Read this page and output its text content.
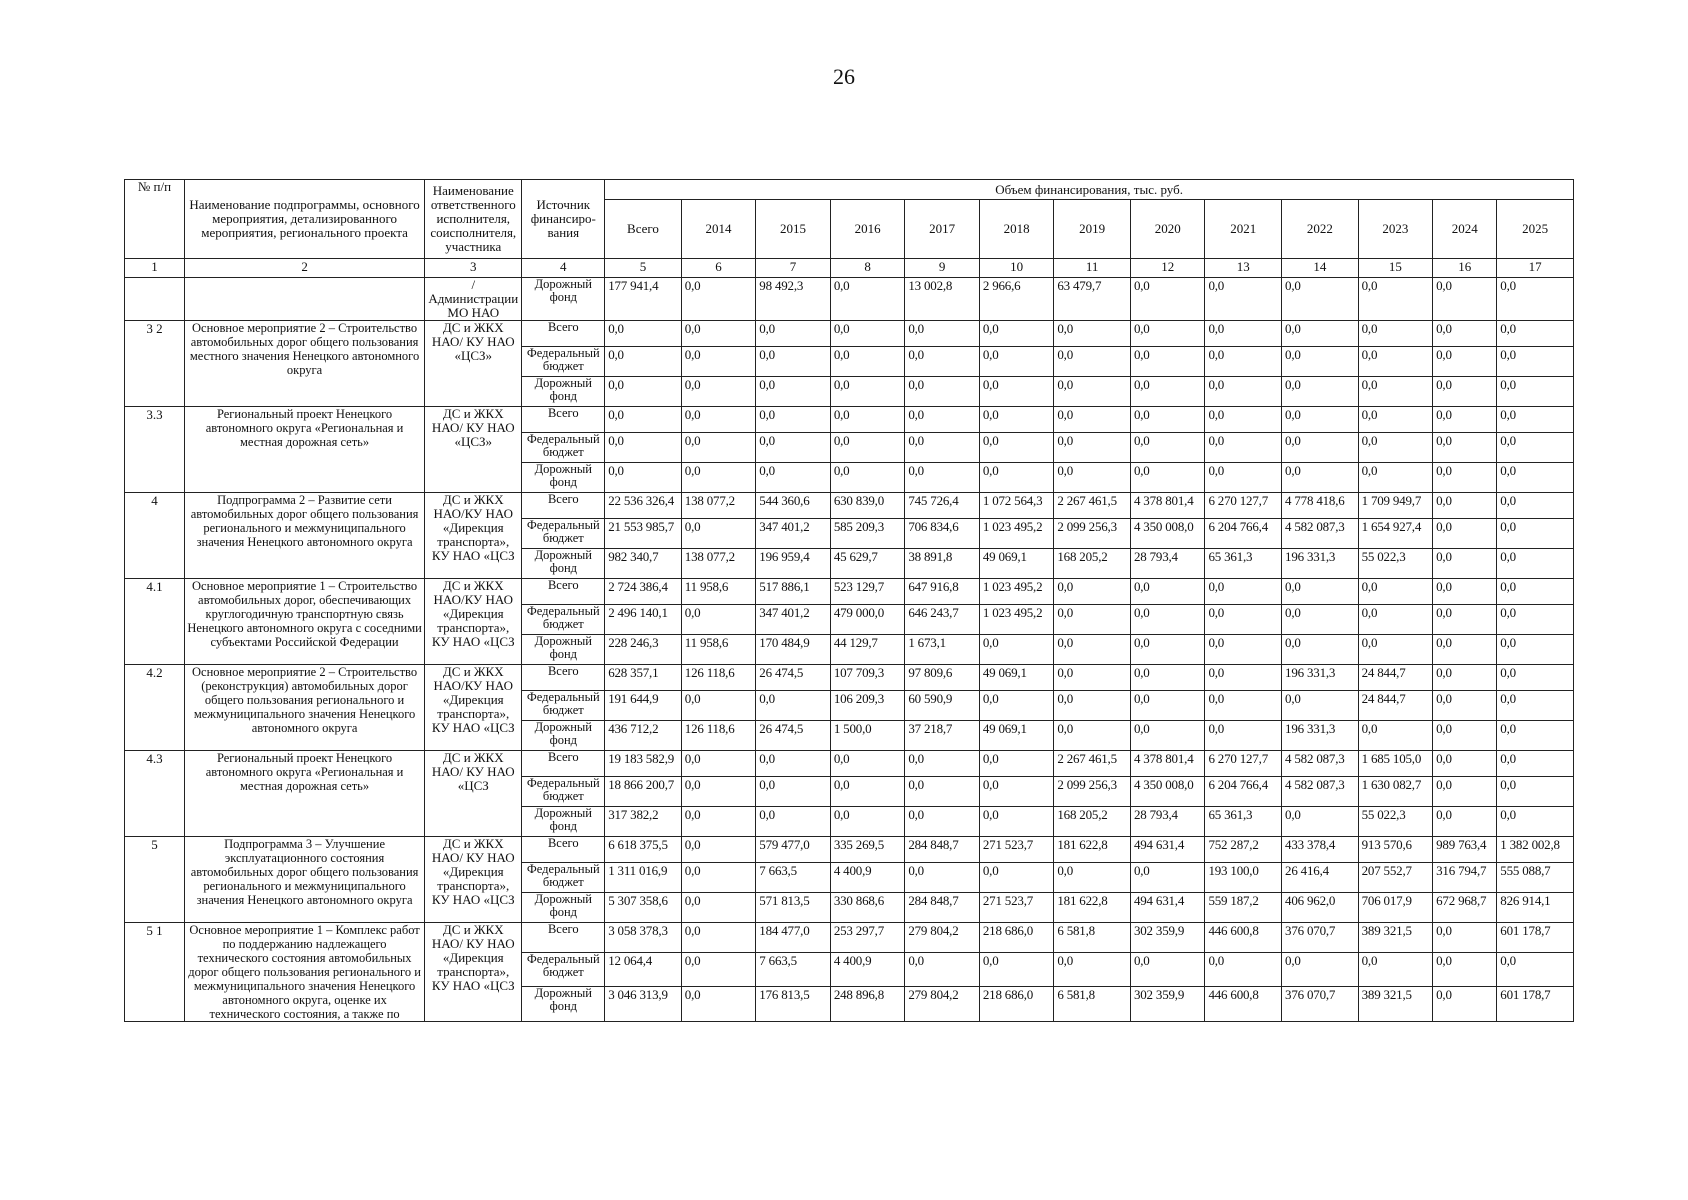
26
№ п/п	Наименование подпрограммы, основного мероприятия, детализированного мероприятия, регионального проекта	Наименование ответственного исполнителя, соисполнителя, участника	Источник финансиро-вания	Объем финансирования, тыс. руб.												
				Всего	2014	2015	2016	2017	2018	2019	2020	2021	2022	2023	2024	2025
1	2	3	4	5	6	7	8	9	10	11	12	13	14	15	16	17
		/ Администрации МО НАО	Дорожный фонд	177 941,4	0,0	98 492,3	0,0	13 002,8	2 966,6	63 479,7	0,0	0,0	0,0	0,0	0,0	0,0
3 2	Основное мероприятие 2 – Строительство автомобильных дорог общего пользования местного значения Ненецкого автономного округа	ДС и ЖКХ НАО/ КУ НАО «ЦСЗ»	Всего	0,0	0,0	0,0	0,0	0,0	0,0	0,0	0,0	0,0	0,0	0,0	0,0	0,0
			Федеральный бюджет	0,0	0,0	0,0	0,0	0,0	0,0	0,0	0,0	0,0	0,0	0,0	0,0	0,0
			Дорожный фонд	0,0	0,0	0,0	0,0	0,0	0,0	0,0	0,0	0,0	0,0	0,0	0,0	0,0
3.3	Региональный проект Ненецкого автономного округа «Региональная и местная дорожная сеть»	ДС и ЖКХ НАО/ КУ НАО «ЦСЗ»	Всего	0,0	0,0	0,0	0,0	0,0	0,0	0,0	0,0	0,0	0,0	0,0	0,0	0,0
			Федеральный бюджет	0,0	0,0	0,0	0,0	0,0	0,0	0,0	0,0	0,0	0,0	0,0	0,0	0,0
			Дорожный фонд	0,0	0,0	0,0	0,0	0,0	0,0	0,0	0,0	0,0	0,0	0,0	0,0	0,0
4	Подпрограмма 2 – Развитие сети автомобильных дорог общего пользования регионального и межмуниципального значения Ненецкого автономного округа	ДС и ЖКХ НАО/КУ НАО «Дирекция транспорта», КУ НАО «ЦСЗ	Всего	22 536 326,4	138 077,2	544 360,6	630 839,0	745 726,4	1 072 564,3	2 267 461,5	4 378 801,4	6 270 127,7	4 778 418,6	1 709 949,7	0,0	0,0
			Федеральный бюджет	21 553 985,7	0,0	347 401,2	585 209,3	706 834,6	1 023 495,2	2 099 256,3	4 350 008,0	6 204 766,4	4 582 087,3	1 654 927,4	0,0	0,0
			Дорожный фонд	982 340,7	138 077,2	196 959,4	45 629,7	38 891,8	49 069,1	168 205,2	28 793,4	65 361,3	196 331,3	55 022,3	0,0	0,0
4.1	Основное мероприятие 1 – Строительство автомобильных дорог, обеспечивающих круглогодичную транспортную связь Ненецкого автономного округа с соседними субъектами Российской Федерации	ДС и ЖКХ НАО/КУ НАО «Дирекция транспорта», КУ НАО «ЦСЗ	Всего	2 724 386,4	11 958,6	517 886,1	523 129,7	647 916,8	1 023 495,2	0,0	0,0	0,0	0,0	0,0	0,0	0,0
			Федеральный бюджет	2 496 140,1	0,0	347 401,2	479 000,0	646 243,7	1 023 495,2	0,0	0,0	0,0	0,0	0,0	0,0	0,0
			Дорожный фонд	228 246,3	11 958,6	170 484,9	44 129,7	1 673,1	0,0	0,0	0,0	0,0	0,0	0,0	0,0	0,0
4.2	Основное мероприятие 2 – Строительство (реконструкция) автомобильных дорог общего пользования регионального и межмуниципального значения Ненецкого автономного округа	ДС и ЖКХ НАО/КУ НАО «Дирекция транспорта», КУ НАО «ЦСЗ	Всего	628 357,1	126 118,6	26 474,5	107 709,3	97 809,6	49 069,1	0,0	0,0	0,0	196 331,3	24 844,7	0,0	0,0
			Федеральный бюджет	191 644,9	0,0	0,0	106 209,3	60 590,9	0,0	0,0	0,0	0,0	0,0	24 844,7	0,0	0,0
			Дорожный фонд	436 712,2	126 118,6	26 474,5	1 500,0	37 218,7	49 069,1	0,0	0,0	0,0	196 331,3	0,0	0,0	0,0
4.3	Региональный проект Ненецкого автономного округа «Региональная и местная дорожная сеть»	ДС и ЖКХ НАО/ КУ НАО «ЦСЗ	Всего	19 183 582,9	0,0	0,0	0,0	0,0	0,0	2 267 461,5	4 378 801,4	6 270 127,7	4 582 087,3	1 685 105,0	0,0	0,0
			Федеральный бюджет	18 866 200,7	0,0	0,0	0,0	0,0	0,0	2 099 256,3	4 350 008,0	6 204 766,4	4 582 087,3	1 630 082,7	0,0	0,0
			Дорожный фонд	317 382,2	0,0	0,0	0,0	0,0	0,0	168 205,2	28 793,4	65 361,3	0,0	55 022,3	0,0	0,0
5	Подпрограмма 3 – Улучшение эксплуатационного состояния автомобильных дорог общего пользования регионального и межмуниципального значения Ненецкого автономного округа	ДС и ЖКХ НАО/ КУ НАО «Дирекция транспорта», КУ НАО «ЦСЗ	Всего	6 618 375,5	0,0	579 477,0	335 269,5	284 848,7	271 523,7	181 622,8	494 631,4	752 287,2	433 378,4	913 570,6	989 763,4	1 382 002,8
			Федеральный бюджет	1 311 016,9	0,0	7 663,5	4 400,9	0,0	0,0	0,0	0,0	193 100,0	26 416,4	207 552,7	316 794,7	555 088,7
			Дорожный фонд	5 307 358,6	0,0	571 813,5	330 868,6	284 848,7	271 523,7	181 622,8	494 631,4	559 187,2	406 962,0	706 017,9	672 968,7	826 914,1
5 1	Основное мероприятие 1 – Комплекс работ по поддержанию надлежащего технического состояния автомобильных дорог общего пользования регионального и межмуниципального значения Ненецкого автономного округа, оценке их технического состояния, а также по	ДС и ЖКХ НАО/ КУ НАО «Дирекция транспорта», КУ НАО «ЦСЗ	Всего	3 058 378,3	0,0	184 477,0	253 297,7	279 804,2	218 686,0	6 581,8	302 359,9	446 600,8	376 070,7	389 321,5	0,0	601 178,7
			Федеральный бюджет	12 064,4	0,0	7 663,5	4 400,9	0,0	0,0	0,0	0,0	0,0	0,0	0,0	0,0	0,0
			Дорожный фонд	3 046 313,9	0,0	176 813,5	248 896,8	279 804,2	218 686,0	6 581,8	302 359,9	446 600,8	376 070,7	389 321,5	0,0	601 178,7
